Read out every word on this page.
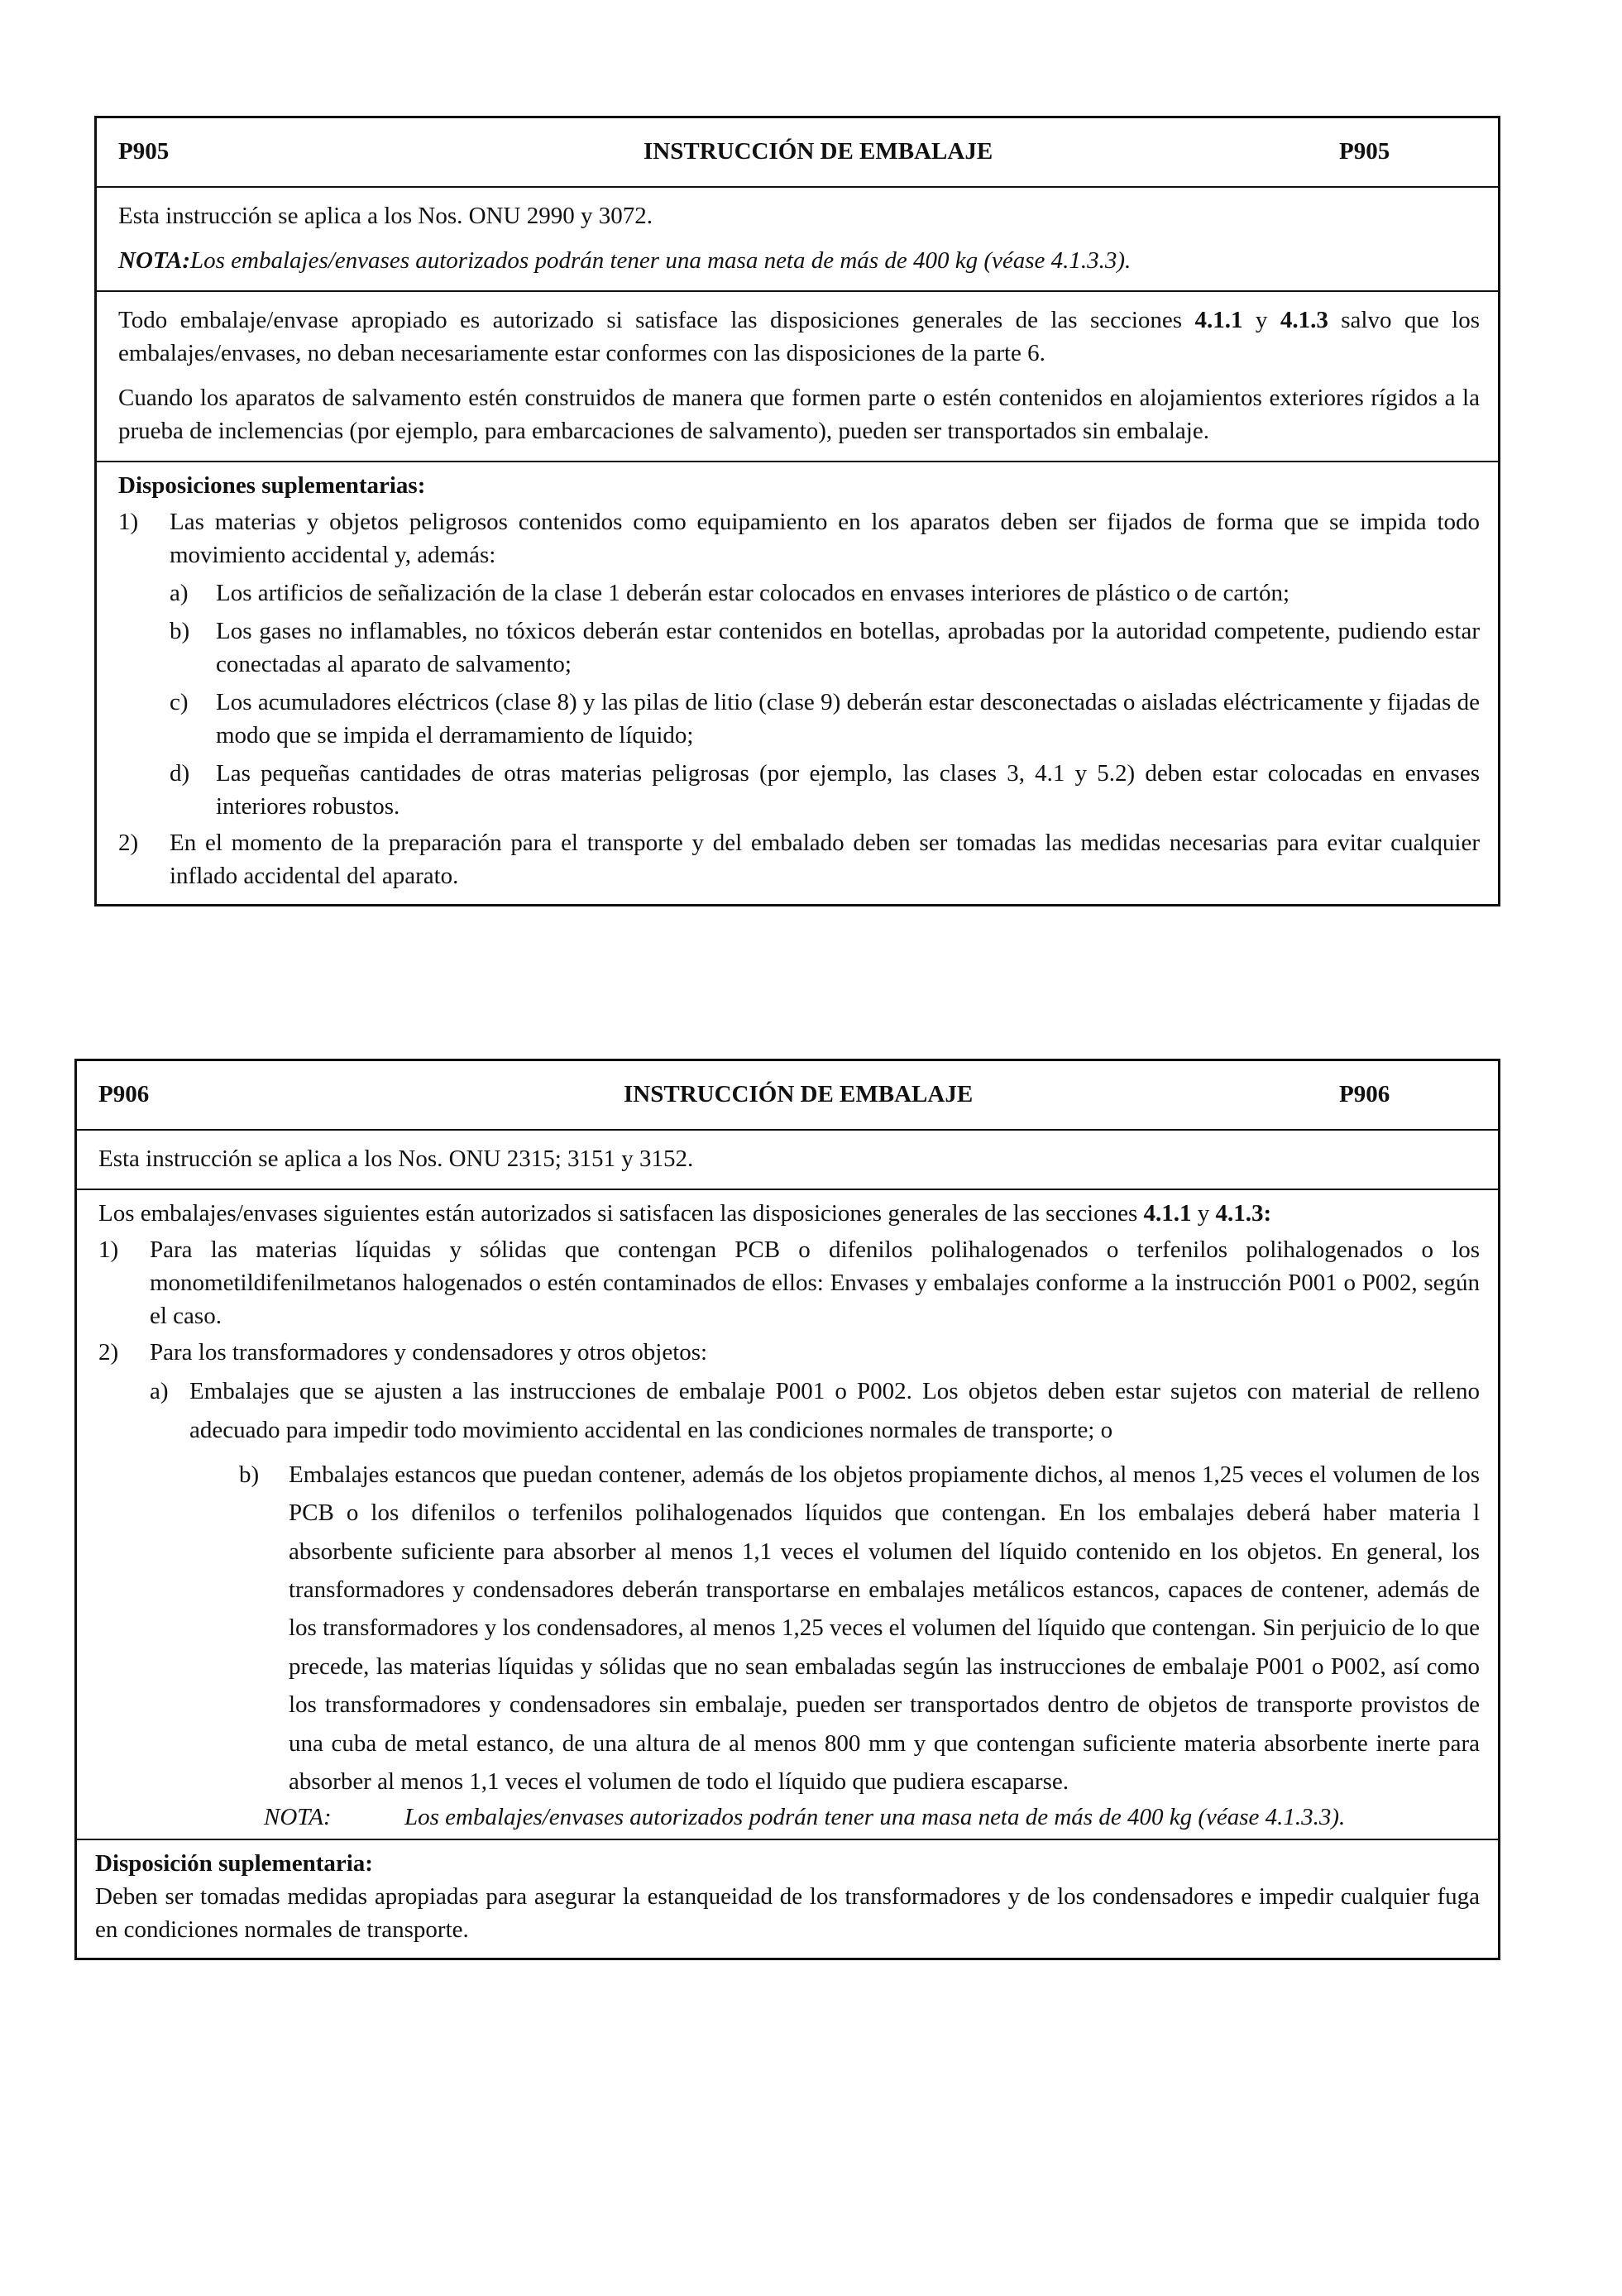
P905	INSTRUCCIÓN DE EMBALAJE	P905

Esta instrucción se aplica a los Nos. ONU 2990 y 3072.

NOTA:Los embalajes/envases autorizados podrán tener una masa neta de más de 400 kg (véase 4.1.3.3).

Todo embalaje/envase apropiado es autorizado si satisface las disposiciones generales de las secciones 4.1.1 y 4.1.3 salvo que los embalajes/envases, no deban necesariamente estar conformes con las disposiciones de la parte 6.

Cuando los aparatos de salvamento estén construidos de manera que formen parte o estén contenidos en alojamientos exteriores rígidos a la prueba de inclemencias (por ejemplo, para embarcaciones de salvamento), pueden ser transportados sin embalaje.

Disposiciones suplementarias:
1)	Las materias y objetos peligrosos contenidos como equipamiento en los aparatos deben ser fijados de forma que se impida todo movimiento accidental y, además:
a)	Los artificios de señalización de la clase 1 deberán estar colocados en envases interiores de plástico o de cartón;
b)	Los gases no inflamables, no tóxicos deberán estar contenidos en botellas, aprobadas por la autoridad competente, pudiendo estar conectadas al aparato de salvamento;
c)	Los acumuladores eléctricos (clase 8) y las pilas de litio (clase 9) deberán estar desconectadas o aisladas eléctricamente y fijadas de modo que se impida el derramamiento de líquido;
d)	Las pequeñas cantidades de otras materias peligrosas (por ejemplo, las clases 3, 4.1 y 5.2) deben estar colocadas en envases interiores robustos.
2)	En el momento de la preparación para el transporte y del embalado deben ser tomadas las medidas necesarias para evitar cualquier inflado accidental del aparato.
P906	INSTRUCCIÓN DE EMBALAJE	P906

Esta instrucción se aplica a los Nos. ONU 2315; 3151 y 3152.

Los embalajes/envases siguientes están autorizados si satisfacen las disposiciones generales de las secciones 4.1.1 y 4.1.3:

1)	Para las materias líquidas y sólidas que contengan PCB o difenilos polihalogenados o terfenilos polihalogenados o los monometildifenilmetanos halogenados o estén contaminados de ellos: Envases y embalajes conforme a la instrucción P001 o P002, según el caso.
2)	Para los transformadores y condensadores y otros objetos:
a) Embalajes que se ajusten a las instrucciones de embalaje P001 o P002. Los objetos deben estar sujetos con material de relleno adecuado para impedir todo movimiento accidental en las condiciones normales de transporte; o
b)	Embalajes estancos que puedan contener, además de los objetos propiamente dichos, al menos 1,25 veces el volumen de los PCB o los difenilos o terfenilos polihalogenados líquidos que contengan. En los embalajes deberá haber materia l absorbente suficiente para absorber al menos 1,1 veces el volumen del líquido contenido en los objetos. En general, los transformadores y condensadores deberán transportarse en embalajes metálicos estancos, capaces de contener, además de los transformadores y los condensadores, al menos 1,25 veces el volumen del líquido que contengan. Sin perjuicio de lo que precede, las materias líquidas y sólidas que no sean embaladas según las instrucciones de embalaje P001 o P002, así como los transformadores y condensadores sin embalaje, pueden ser transportados dentro de objetos de transporte provistos de una cuba de metal estanco, de una altura de al menos 800 mm y que contengan suficiente materia absorbente inerte para absorber al menos 1,1 veces el volumen de todo el líquido que pudiera escaparse.
NOTA:	Los embalajes/envases autorizados podrán tener una masa neta de más de 400 kg (véase 4.1.3.3).
Disposición suplementaria:

Deben ser tomadas medidas apropiadas para asegurar la estanqueidad de los transformadores y de los condensadores e impedir cualquier fuga en condiciones normales de transporte.
